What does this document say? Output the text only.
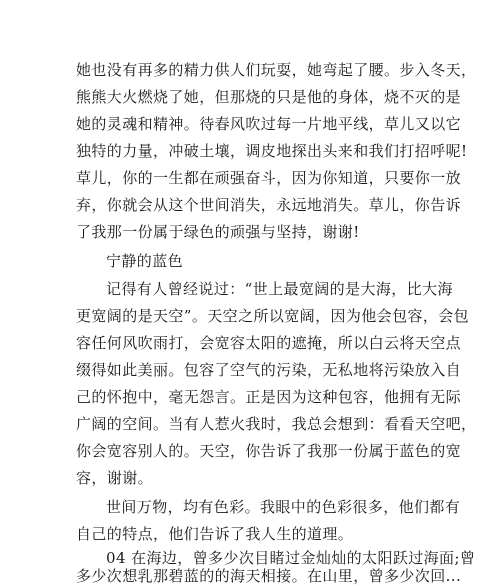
她也没有再多的精力供人们玩耍，她弯起了腰。步入冬天，
熊熊大火燃烧了她，但那烧的只是他的身体，烧不灭的是
她的灵魂和精神。待春风吹过每一片地平线，草儿又以它
独特的力量，冲破土壤，调皮地探出头来和我们打招呼呢!
草儿，你的一生都在顽强奋斗，因为你知道，只要你一放
弃，你就会从这个世间消失，永远地消失。草儿，你告诉
了我那一份属于绿色的顽强与坚持，谢谢!
宁静的蓝色
记得有人曾经说过：“世上最宽阔的是大海，比大海
更宽阔的是天空”。天空之所以宽阔，因为他会包容，会包
容任何风吹雨打，会宽容太阳的遮掩，所以白云将天空点
缀得如此美丽。包容了空气的污染，无私地将污染放入自
己的怀抱中，毫无怨言。正是因为这种包容，他拥有无际
广阔的空间。当有人惹火我时，我总会想到：看看天空吧，
你会宽容别人的。天空，你告诉了我那一份属于蓝色的宽
容，谢谢。
世间万物，均有色彩。我眼中的色彩很多，他们都有
自己的特点，他们告诉了我人生的道理。
04 在海边，曾多少次目睹过金灿灿的太阳跃过海面;曾
多少次想乳那碧蓝的的海天相接。在山里，曾多少次回...
